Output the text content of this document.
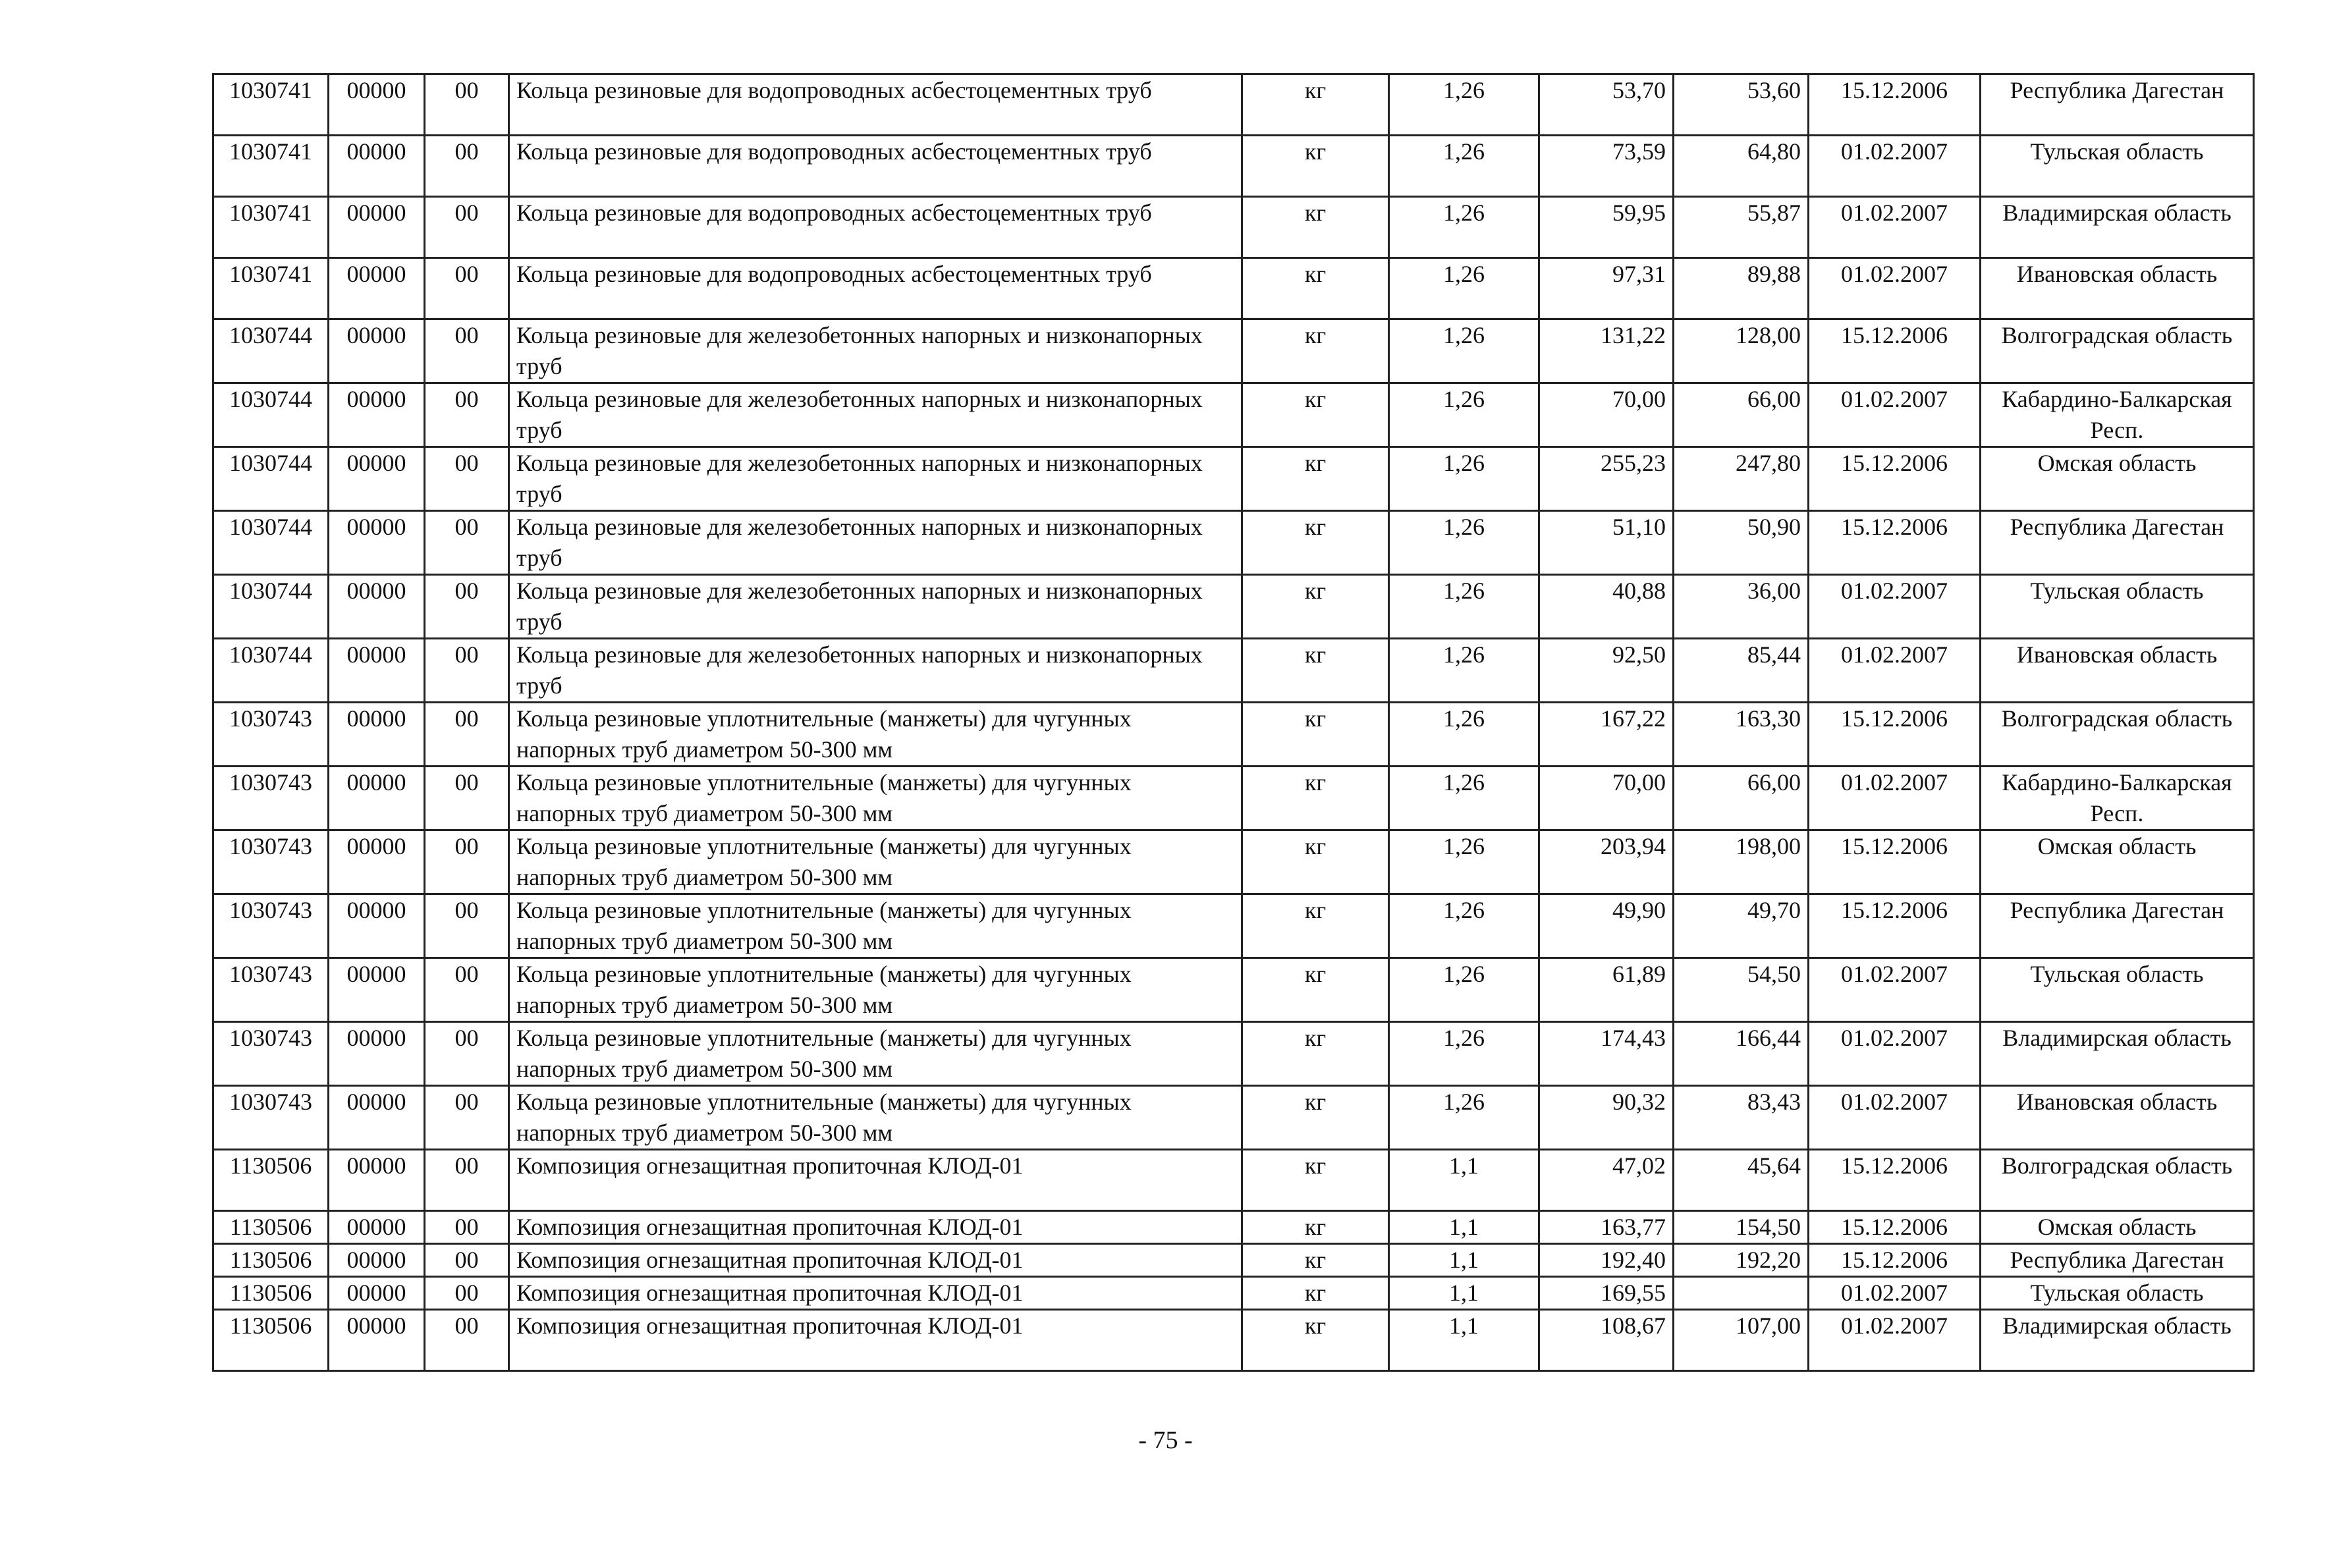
1030741	00000	00	Кольца резиновые для водопроводных асбестоцементных труб	кг	1,26	53,70	53,60	15.12.2006	Республика Дагестан
1030741	00000	00	Кольца резиновые для водопроводных асбестоцементных труб	кг	1,26	73,59	64,80	01.02.2007	Тульская область
1030741	00000	00	Кольца резиновые для водопроводных асбестоцементных труб	кг	1,26	59,95	55,87	01.02.2007	Владимирская область
1030741	00000	00	Кольца резиновые для водопроводных асбестоцементных труб	кг	1,26	97,31	89,88	01.02.2007	Ивановская область
1030744	00000	00	Кольца резиновые для железобетонных напорных и низконапорных труб	кг	1,26	131,22	128,00	15.12.2006	Волгоградская область
1030744	00000	00	Кольца резиновые для железобетонных напорных и низконапорных труб	кг	1,26	70,00	66,00	01.02.2007	Кабардино-Балкарская Респ.
1030744	00000	00	Кольца резиновые для железобетонных напорных и низконапорных труб	кг	1,26	255,23	247,80	15.12.2006	Омская область
1030744	00000	00	Кольца резиновые для железобетонных напорных и низконапорных труб	кг	1,26	51,10	50,90	15.12.2006	Республика Дагестан
1030744	00000	00	Кольца резиновые для железобетонных напорных и низконапорных труб	кг	1,26	40,88	36,00	01.02.2007	Тульская область
1030744	00000	00	Кольца резиновые для железобетонных напорных и низконапорных труб	кг	1,26	92,50	85,44	01.02.2007	Ивановская область
1030743	00000	00	Кольца резиновые уплотнительные (манжеты) для чугунных напорных труб диаметром 50-300 мм	кг	1,26	167,22	163,30	15.12.2006	Волгоградская область
1030743	00000	00	Кольца резиновые уплотнительные (манжеты) для чугунных напорных труб диаметром 50-300 мм	кг	1,26	70,00	66,00	01.02.2007	Кабардино-Балкарская Респ.
1030743	00000	00	Кольца резиновые уплотнительные (манжеты) для чугунных напорных труб диаметром 50-300 мм	кг	1,26	203,94	198,00	15.12.2006	Омская область
1030743	00000	00	Кольца резиновые уплотнительные (манжеты) для чугунных напорных труб диаметром 50-300 мм	кг	1,26	49,90	49,70	15.12.2006	Республика Дагестан
1030743	00000	00	Кольца резиновые уплотнительные (манжеты) для чугунных напорных труб диаметром 50-300 мм	кг	1,26	61,89	54,50	01.02.2007	Тульская область
1030743	00000	00	Кольца резиновые уплотнительные (манжеты) для чугунных напорных труб диаметром 50-300 мм	кг	1,26	174,43	166,44	01.02.2007	Владимирская область
1030743	00000	00	Кольца резиновые уплотнительные (манжеты) для чугунных напорных труб диаметром 50-300 мм	кг	1,26	90,32	83,43	01.02.2007	Ивановская область
1130506	00000	00	Композиция огнезащитная пропиточная КЛОД-01	кг	1,1	47,02	45,64	15.12.2006	Волгоградская область
1130506	00000	00	Композиция огнезащитная пропиточная КЛОД-01	кг	1,1	163,77	154,50	15.12.2006	Омская область
1130506	00000	00	Композиция огнезащитная пропиточная КЛОД-01	кг	1,1	192,40	192,20	15.12.2006	Республика Дагестан
1130506	00000	00	Композиция огнезащитная пропиточная КЛОД-01	кг	1,1	169,55		01.02.2007	Тульская область
1130506	00000	00	Композиция огнезащитная пропиточная КЛОД-01	кг	1,1	108,67	107,00	01.02.2007	Владимирская область
- 75 -
